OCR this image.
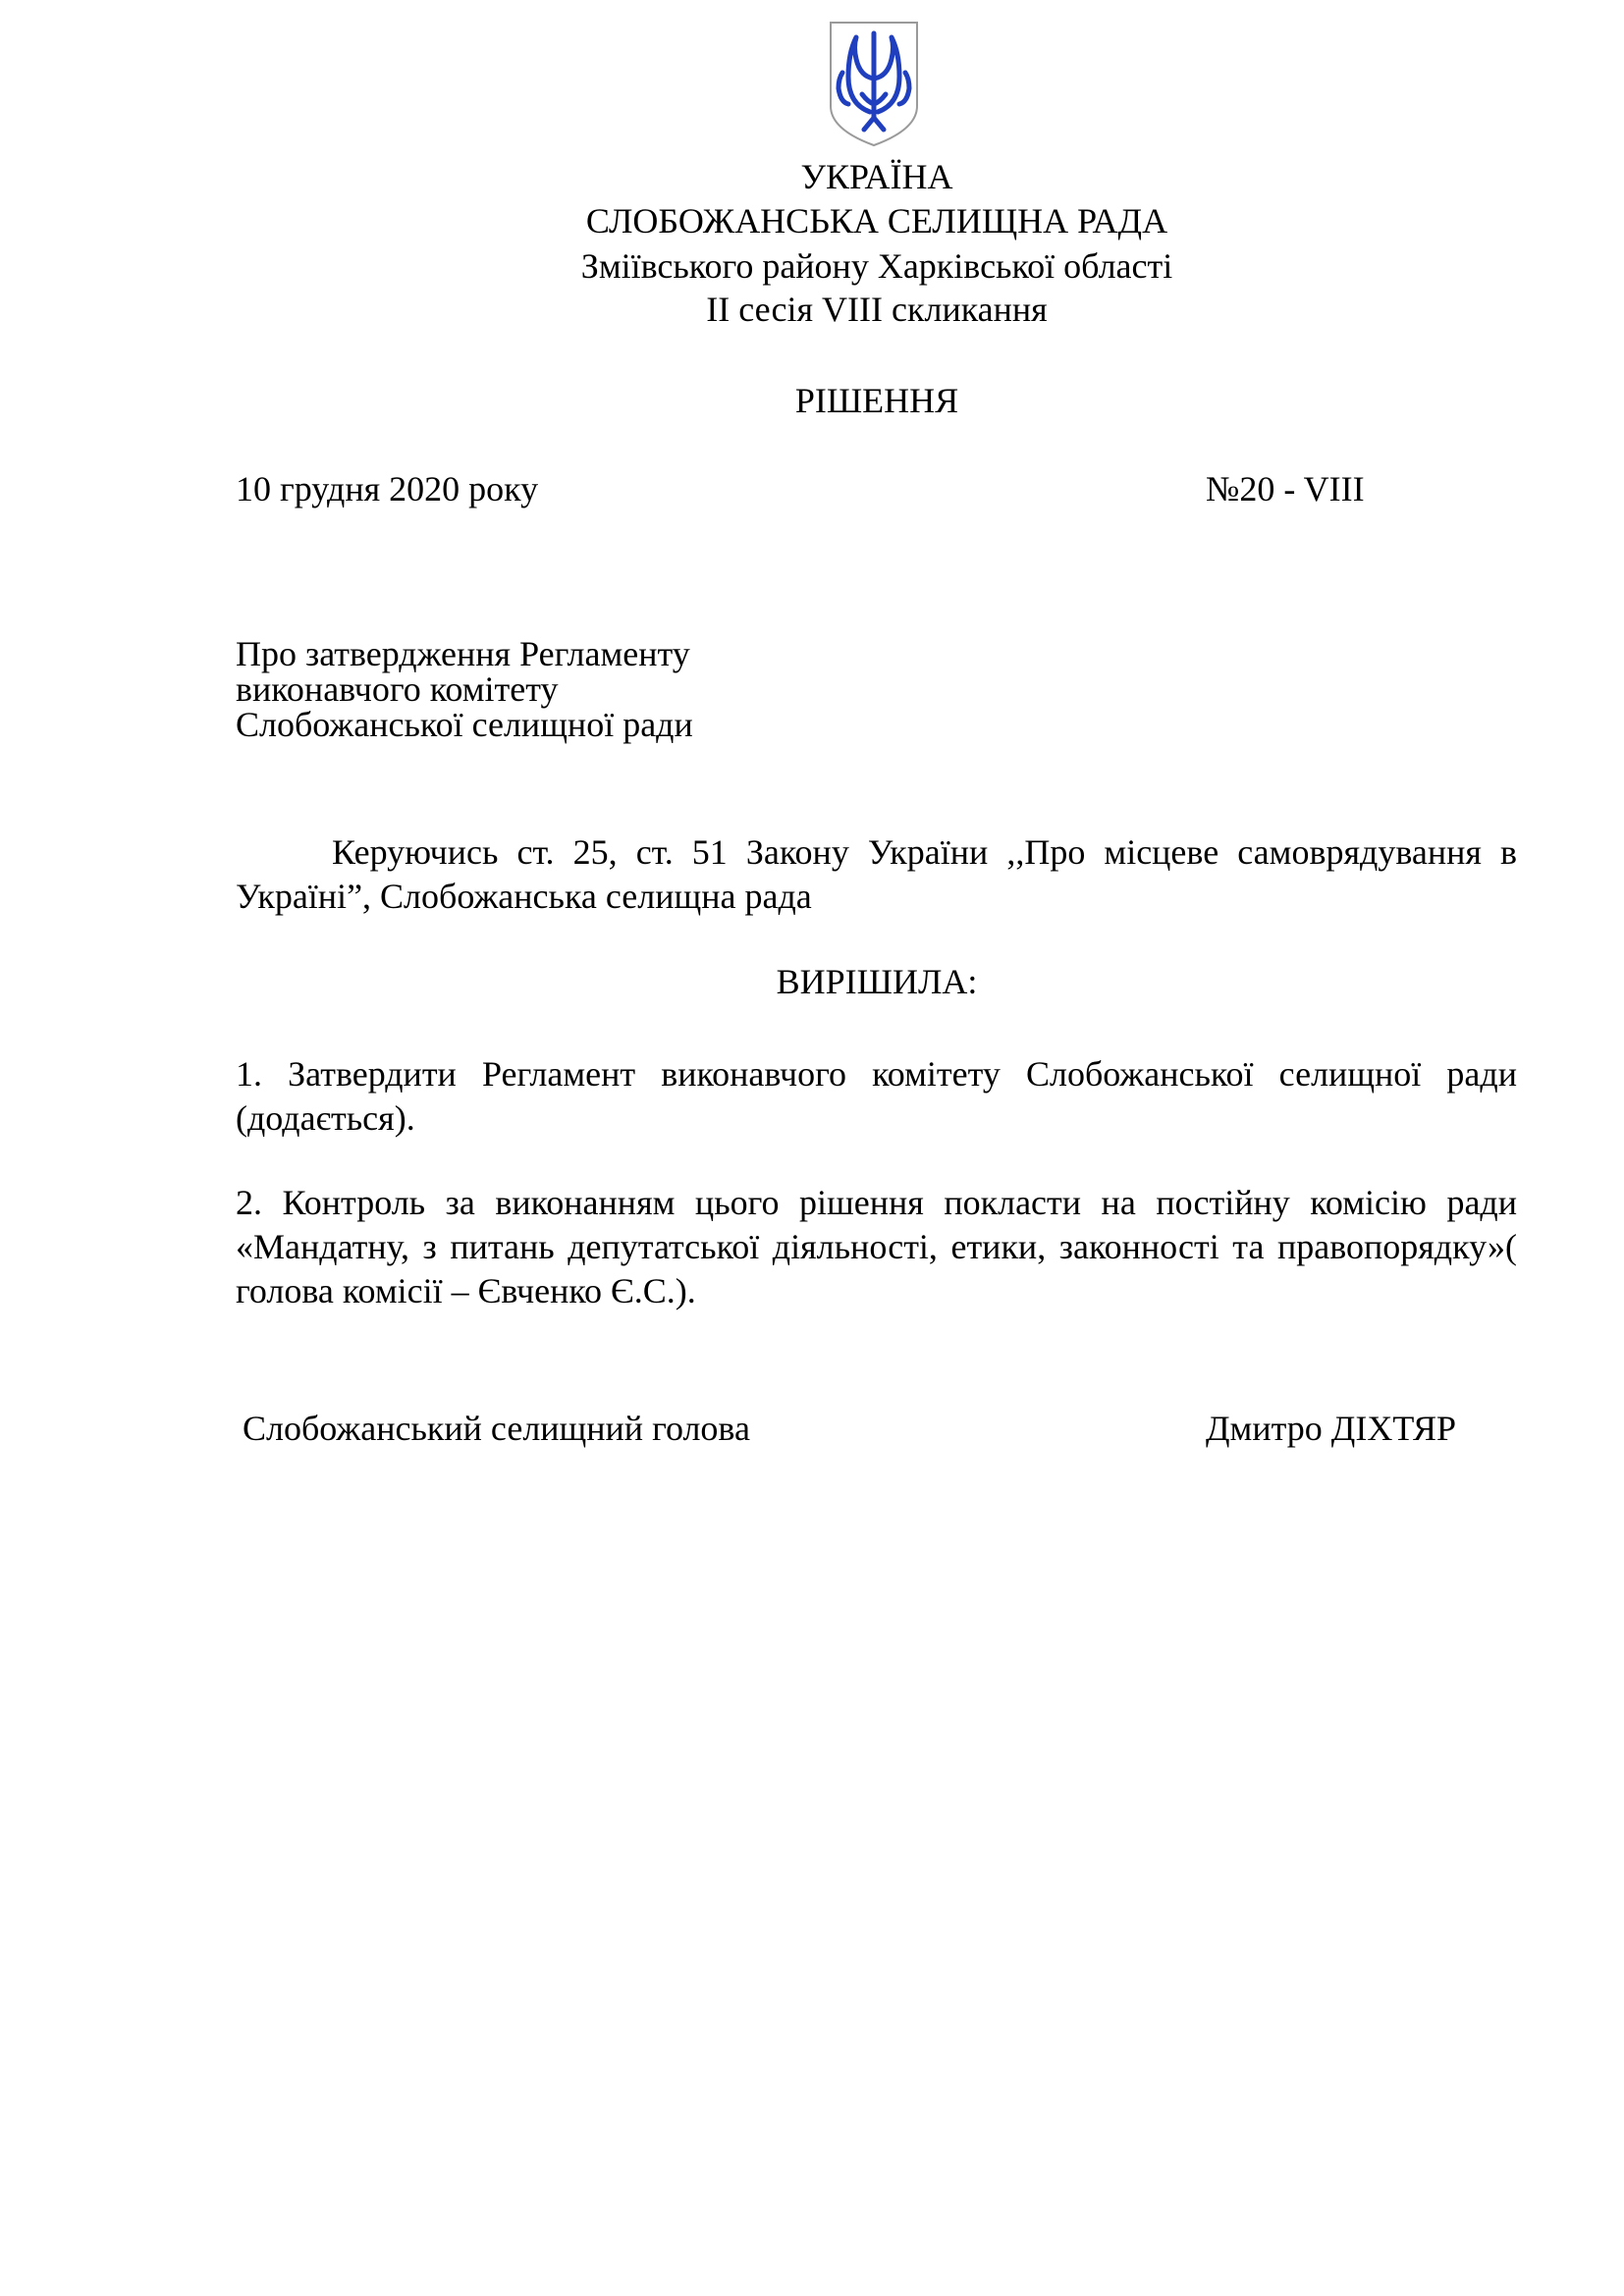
УКРАЇНА
СЛОБОЖАНСЬКА СЕЛИЩНА РАДА
Зміївського району Харківської області
ІІ сесія VІІІ скликання
РІШЕННЯ
10 грудня 2020 року	№20 - VІІІ
Про затвердження Регламенту
виконавчого комітету
Слобожанської селищної ради
Керуючись ст. 25, ст. 51 Закону України ,,Про місцеве самоврядування в Україні”, Слобожанська селищна рада
ВИРІШИЛА:
1. Затвердити Регламент виконавчого комітету Слобожанської селищної ради (додається).
2. Контроль за виконанням цього рішення покласти на постійну комісію ради «Мандатну, з питань депутатської діяльності, етики, законності та правопорядку»( голова комісії – Євченко Є.С.).
Слобожанський селищний голова	Дмитро ДІХТЯР
